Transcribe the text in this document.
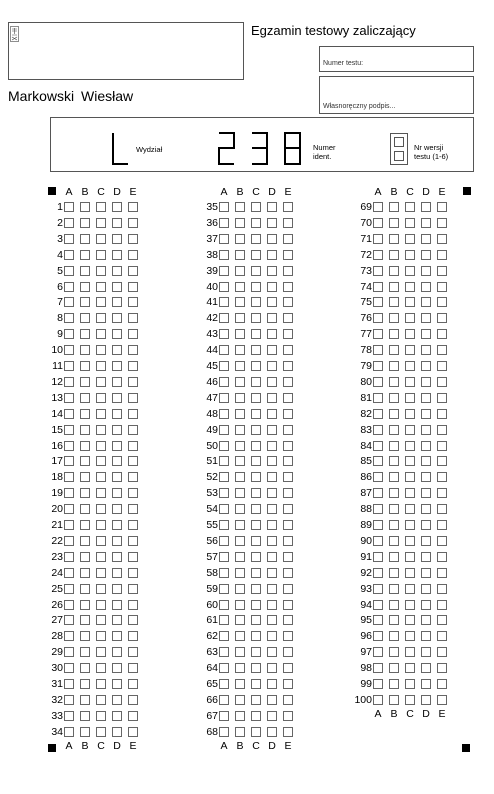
Egzamin testowy zaliczający
Numer testu:
Własnoręczny podpis...
Markowski Wiesław
Wydział	Numer
ident.
Nr wersji
testu (1-6)
A B C D E
1
2
3
4
5
6
7
8
9
10
11
12
13
14
15
16
17
18
19
20
21
22
23
24
25
26
27
28
29
30
31
32
33
34
A B C D E
A B C D E
35
36
37
38
39
40
41
42
43
44
45
46
47
48
49
50
51
52
53
54
55
56
57
58
59
60
61
62
63
64
65
66
67
68
A B C D E
A B C D E
69
70
71
72
73
74
75
76
77
78
79
80
81
82
83
84
85
86
87
88
89
90
91
92
93
94
95
96
97
98
99
100
A B C D E
